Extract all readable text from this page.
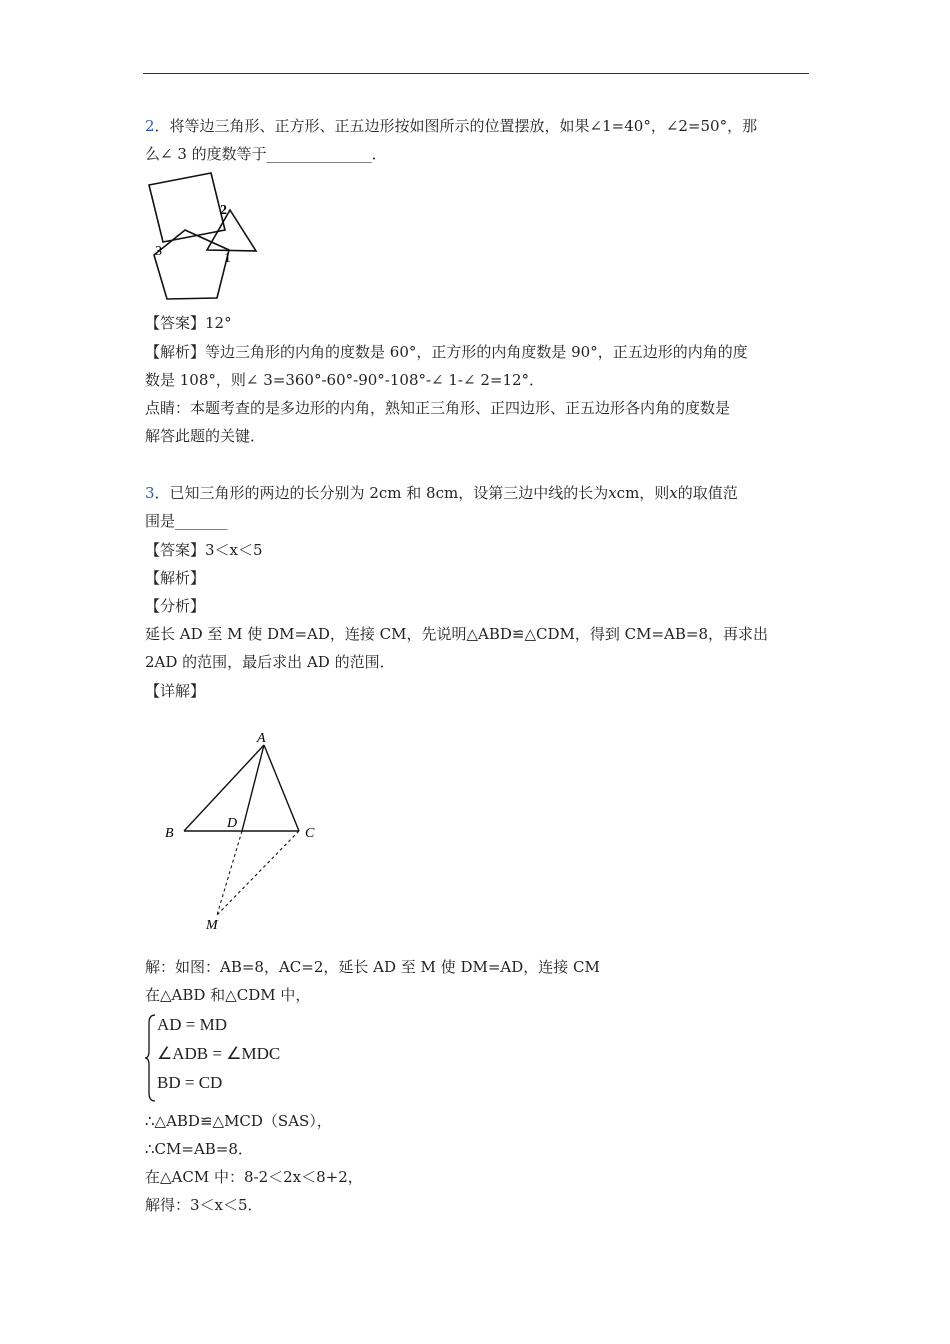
2．将等边三角形、正方形、正五边形按如图所示的位置摆放，如果∠1=40°，∠2=50°，那
么∠ 3 的度数等于______________．
2
3	1
【答案】12°
【解析】等边三角形的内角的度数是 60°，正方形的内角度数是 90°，正五边形的内角的度
数是 108°，则∠ 3=360°-60°-90°-108°-∠ 1-∠ 2=12°．
点睛：本题考查的是多边形的内角，熟知正三角形、正四边形、正五边形各内角的度数是
解答此题的关键．
3．已知三角形的两边的长分别为 2cm 和 8cm，设第三边中线的长为xcm，则x的取值范
围是_______
【答案】3＜x＜5
【解析】
【分析】
延长 AD 至 M 使 DM=AD，连接 CM，先说明△ABD≌△CDM，得到 CM=AB=8，再求出
2AD 的范围，最后求出 AD 的范围．
【详解】
A
B	C
D
M
解：如图：AB=8，AC=2，延长 AD 至 M 使 DM=AD，连接 CM
在△ABD 和△CDM 中，
AD = MD
∠ADB = ∠MDC
BD = CD
∴△ABD≌△MCD（SAS），
∴CM=AB=8．
在△ACM 中：8-2＜2x＜8+2，
解得：3＜x＜5．
